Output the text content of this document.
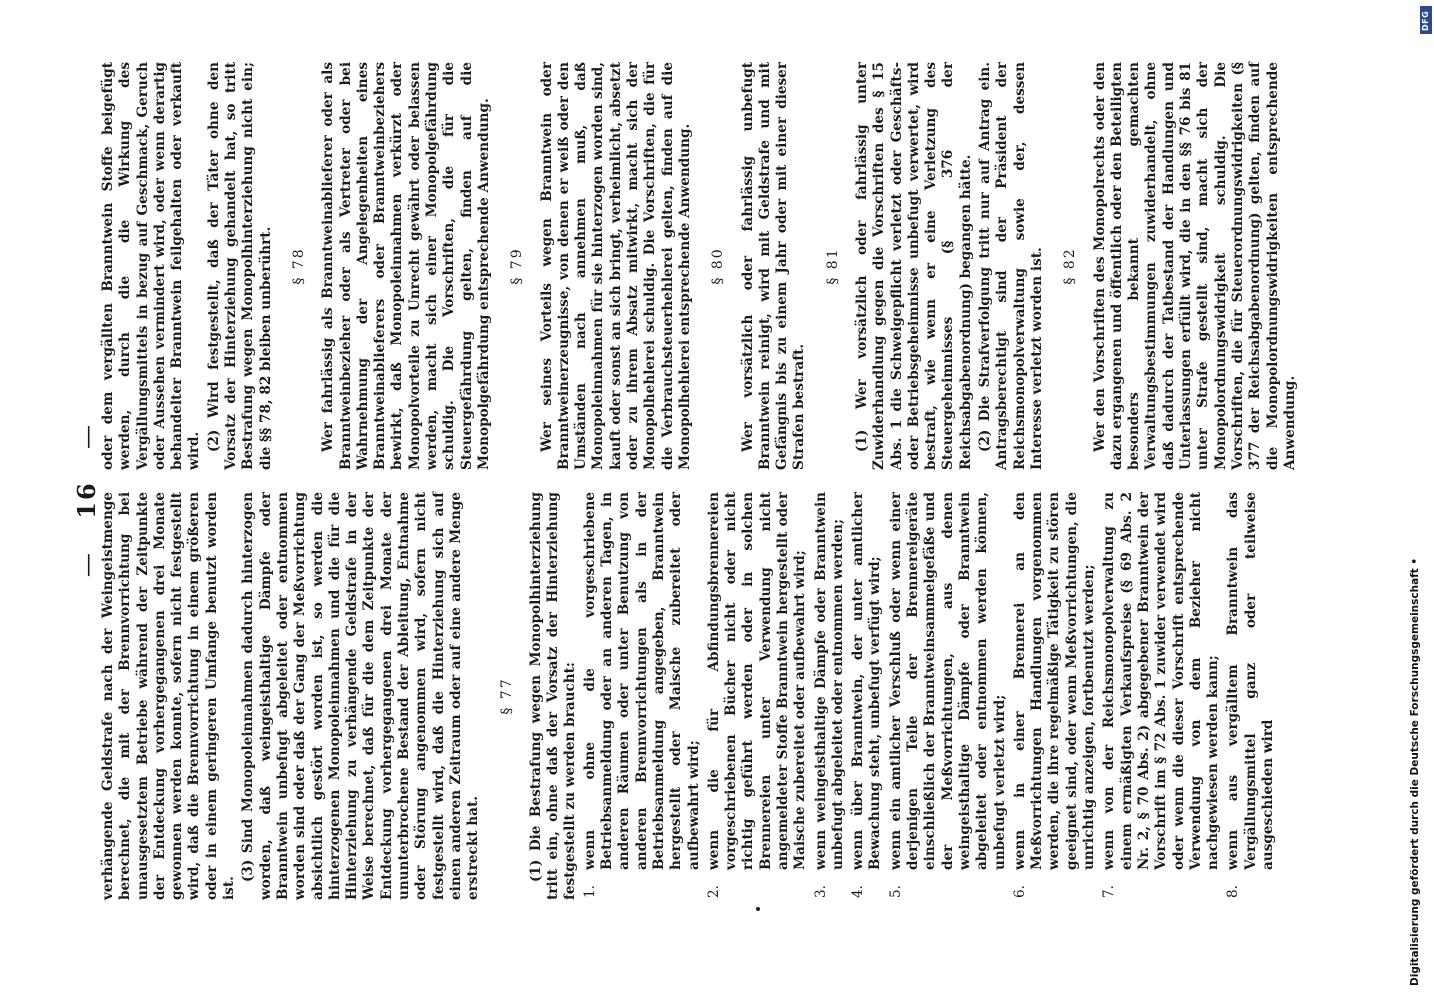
— 16 —

verhängende Geldstrafe nach der Weingeistmenge berechnet, die mit der Brennvorrichtung bei unausgesetztem Betriebe während der Zeitpunkte der Entdeckung vorhergegangenen drei Monate gewonnen werden konnte, sofern nicht festgestellt wird, daß die Brennvorrichtung in einem größeren oder in einem geringeren Umfange benutzt worden ist.

(3) Sind Monopoleinnahmen dadurch hinterzogen worden, daß weingeisthaltige Dämpfe oder Branntwein unbefugt abgeleitet oder entnommen worden sind oder daß der Gang der Meßvorrichtung absichtlich gestört worden ist, so werden die hinterzogenen Monopoleinnahmen und die für die Hinterziehung zu verhängende Geldstrafe in der Weise berechnet, daß für die dem Zeitpunkte der Entdeckung vorhergegangenen drei Monate der ununterbrochene Bestand der Ableitung, Entnahme oder Störung angenommen wird, sofern nicht festgestellt wird, daß die Hinterziehung sich auf einen anderen Zeitraum oder auf eine andere Menge erstreckt hat.

§ 77

(1) Die Bestrafung wegen Monopolhinterziehung tritt ein, ohne daß der Vorsatz der Hinterziehung festgestellt zu werden braucht: 1.
wenn ohne die vorgeschriebene Betriebsanmeldung oder an anderen Tagen, in anderen Räumen oder unter Benutzung von anderen Brennvorrichtungen als in der Betriebsanmeldung angegeben, Branntwein hergestellt oder Maische zubereitet oder aufbewahrt wird;
2.
wenn die für Abfindungsbrennereien vorgeschriebenen Bücher nicht oder nicht richtig geführt werden oder in solchen Brennereien unter Verwendung nicht angemeldeter Stoffe Branntwein hergestellt oder Maische zubereitet oder aufbewahrt wird;
3.
wenn weingeisthaltige Dämpfe oder Branntwein unbefugt abgeleitet oder entnommen werden;
4.
wenn über Branntwein, der unter amtlicher Bewachung steht, unbefugt verfügt wird;
5.
wenn ein amtlicher Verschluß oder wenn einer derjenigen Teile der Brennereigeräte einschließlich der Branntweinsammelgefäße und der Meßvorrichtungen, aus denen weingeisthaltige Dämpfe oder Branntwein abgeleitet oder entnommen werden können, unbefugt verletzt wird;
6.
wenn in einer Brennerei an den Meßvorrichtungen Handlungen vorgenommen werden, die ihre regelmäßige Tätigkeit zu stören geeignet sind, oder wenn Meßvorrichtungen, die unrichtig anzeigen, fortbenutzt werden;
7.
wenn von der Reichsmonopolverwaltung zu einem ermäßigten Verkaufspreise (§ 69 Abs. 2 Nr. 2, § 70 Abs. 2) abgegebener Branntwein der Vorschrift im § 72 Abs. 1 zuwider verwendet wird oder wenn die dieser Vorschrift entsprechende Verwendung von dem Bezieher nicht nachgewiesen werden kann;
8.
wenn aus vergälltem Branntwein das Vergällungsmittel ganz oder teilweise ausgeschieden wird

oder dem vergällten Branntwein Stoffe beigefügt werden, durch die die Wirkung des Vergällungsmittels in bezug auf Geschmack, Geruch oder Aussehen vermindert wird, oder wenn derartig behandelter Branntwein feilgehalten oder verkauft wird. (2) Wird festgestellt, daß der Täter ohne den Vorsatz der Hinterziehung gehandelt hat, so tritt Bestrafung wegen Monopolhinterziehung nicht ein; die §§ 78, 82 bleiben unberührt. § 78 Wer fahrlässig als Branntweinablieferer oder als Branntweinbezieher oder als Vertreter oder bei Wahrnehmung der Angelegenheiten eines Branntweinablieferers oder Branntweinbeziehers bewirkt, daß Monopoleinnahmen verkürzt oder Monopolvorteile zu Unrecht gewährt oder belassen werden, macht sich einer Monopolgefährdung schuldig. Die Vorschriften, die für die Steuergefährdung gelten, finden auf die Monopolgefährdung entsprechende Anwendung. § 79 Wer seines Vorteils wegen Branntwein oder Branntweinerzeugnisse, von denen er weiß oder den Umständen nach annehmen muß, daß Monopoleinnahmen für sie hinterzogen worden sind, kauft oder sonst an sich bringt, verheimlicht, absetzt oder zu ihrem Absatz mitwirkt, macht sich der Monopolhehlerei schuldig. Die Vorschriften, die für die Verbrauchsteuerhehlerei gelten, finden auf die Monopolhehlerei entsprechende Anwendung. § 80 Wer vorsätzlich oder fahrlässig unbefugt Branntwein reinigt, wird mit Geldstrafe und mit Gefängnis bis zu einem Jahr oder mit einer dieser Strafen bestraft.

§ 81 (1) Wer vorsätzlich oder fahrlässig unter Zuwiderhandlung gegen die Vorschriften des § 15 Abs. 1 die Schweigepflicht verletzt oder Geschäfts- oder Betriebsgeheimnisse unbefugt verwertet, wird bestraft, wie wenn er eine Verletzung des Steuergeheimnisses (§ 376 der Reichsabgabenordnung) begangen hätte. (2) Die Strafverfolgung tritt nur auf Antrag ein. Antragsberechtigt sind der Präsident der Reichsmonopolverwaltung sowie der, dessen Interesse verletzt worden ist. § 82 Wer den Vorschriften des Monopolrechts oder den dazu ergangenen und öffentlich oder den Beteiligten besonders bekannt gemachten Verwaltungsbestimmungen zuwiderhandelt, ohne daß dadurch der Tatbestand der Handlungen und Unterlassungen erfüllt wird, die in den §§ 76 bis 81 unter Strafe gestellt sind, macht sich der Monopolordnungswidrigkeit schuldig. Die Vorschriften, die für Steuerordnungswidrigkeiten (§ 377 der Reichsabgabenordnung) gelten, finden auf die Monopolordnungswidrigkeiten entsprechende Anwendung.

Digitalisierung gefördert durch die Deutsche Forschungsgemeinschaft •
DFG
